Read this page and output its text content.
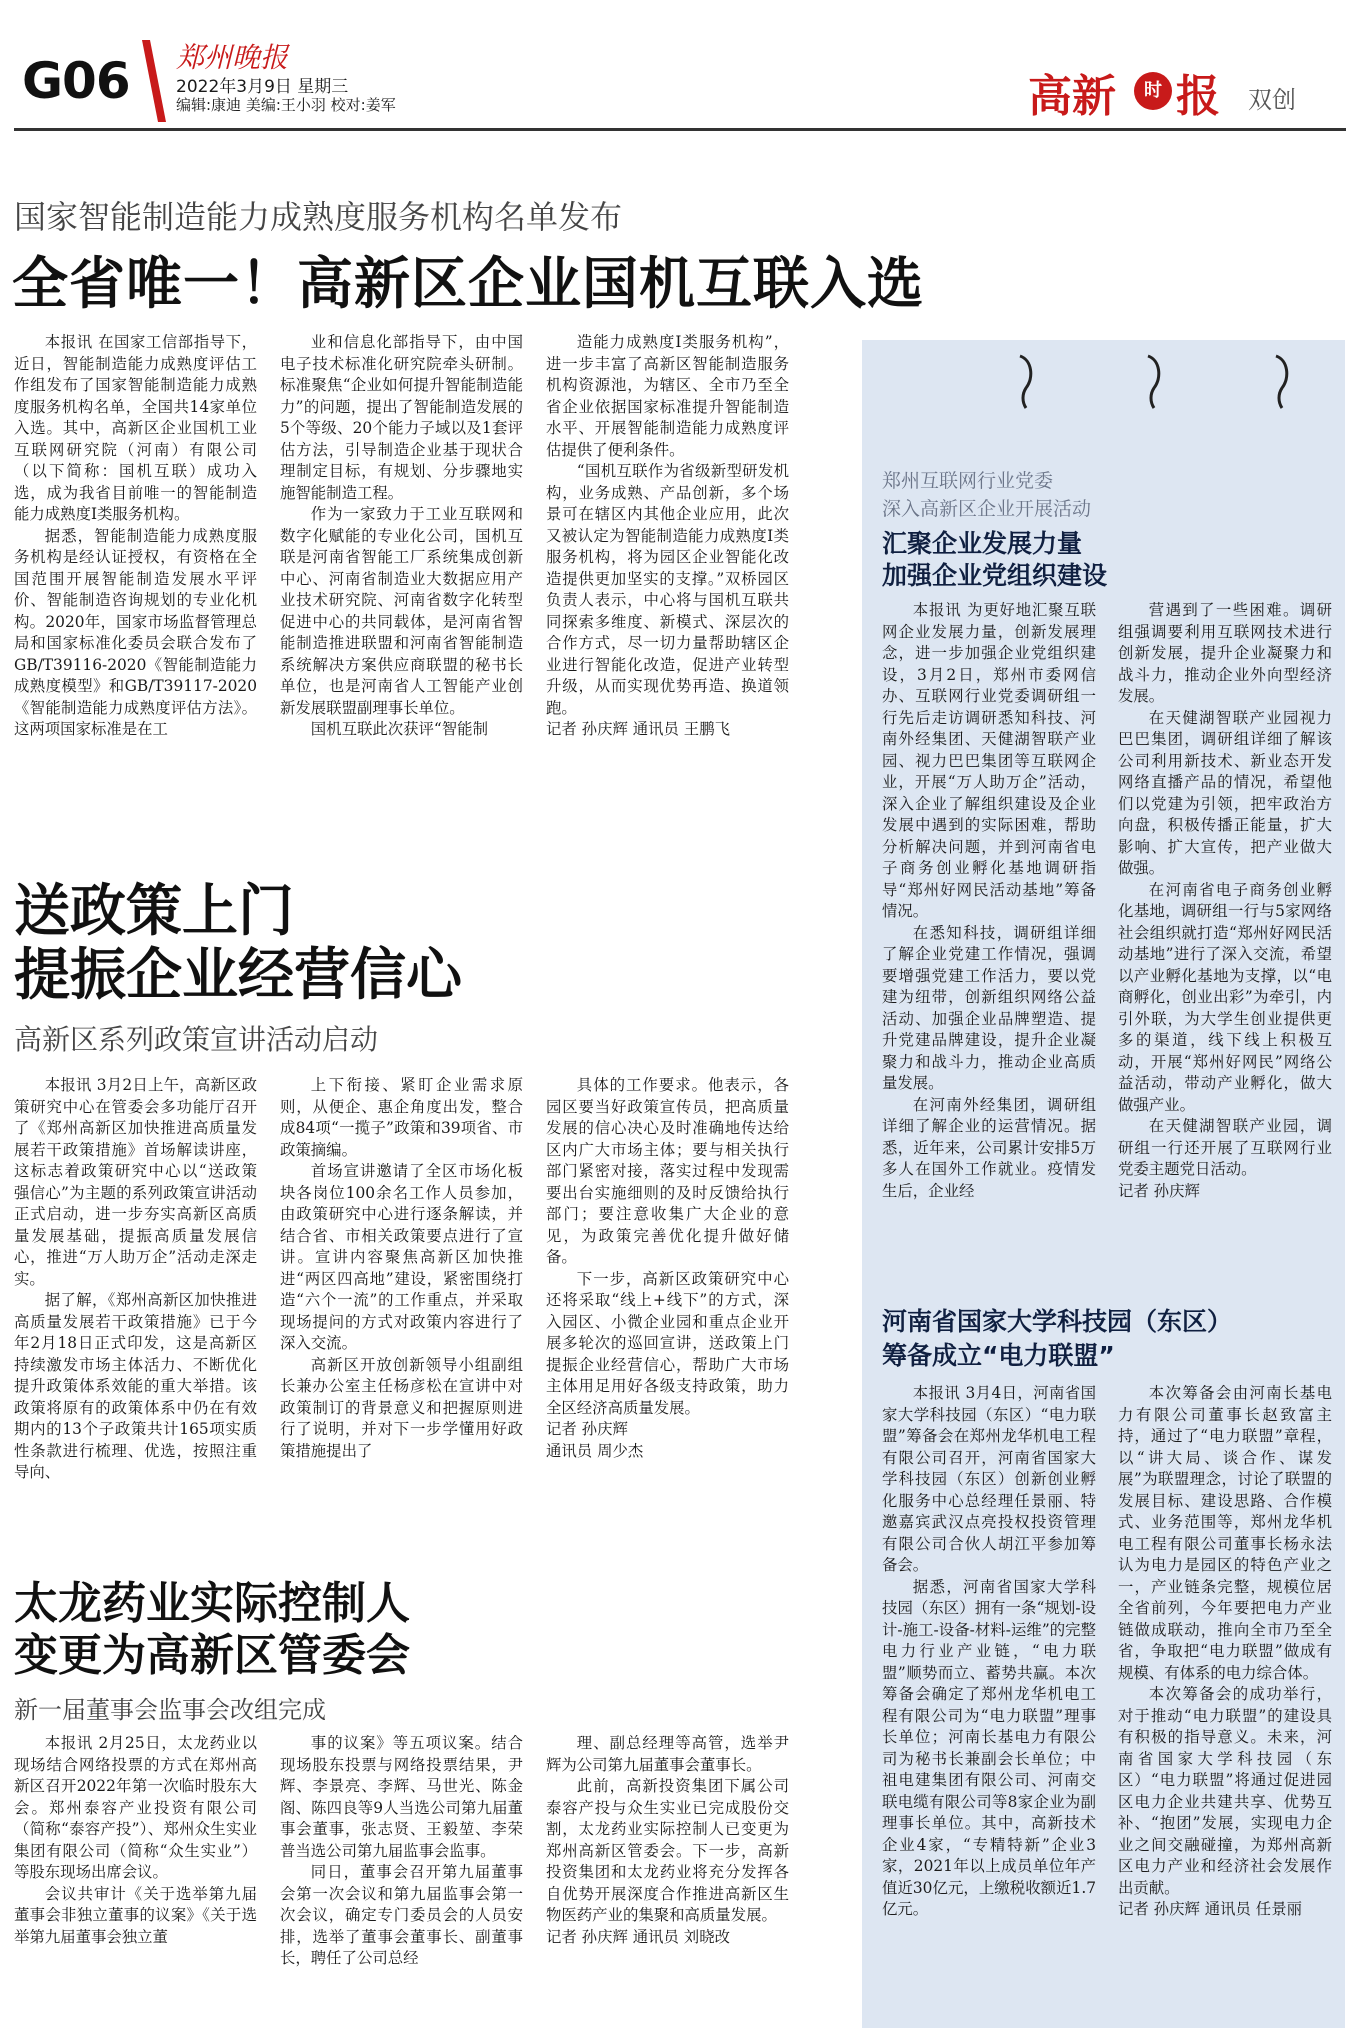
G06 郑州晚报
2022年3月9日 星期三
编辑:康迪 美编:王小羽 校对:姜军	高新	时 报 双创
国家智能制造能力成熟度服务机构名单发布
全省唯一！高新区企业国机互联入选

本报讯 在国家工信部指导下，近日，智能制造能力成熟度评估工作组发布了国家智能制造能力成熟度服务机构名单，全国共14家单位入选。其中，高新区企业国机工业互联网研究院（河南）有限公司（以下简称：国机互联）成功入选，成为我省目前唯一的智能制造能力成熟度Ⅰ类服务机构。

据悉，智能制造能力成熟度服务机构是经认证授权，有资格在全国范围开展智能制造发展水平评价、智能制造咨询规划的专业化机构。2020年，国家市场监督管理总局和国家标准化委员会联合发布了GB/T39116-2020《智能制造能力成熟度模型》和GB/T39117-2020《智能制造能力成熟度评估方法》。这两项国家标准是在工

业和信息化部指导下，由中国电子技术标准化研究院牵头研制。标准聚焦“企业如何提升智能制造能力”的问题，提出了智能制造发展的5个等级、20个能力子域以及1套评估方法，引导制造企业基于现状合理制定目标，有规划、分步骤地实施智能制造工程。

作为一家致力于工业互联网和数字化赋能的专业化公司，国机互联是河南省智能工厂系统集成创新中心、河南省制造业大数据应用产业技术研究院、河南省数字化转型促进中心的共同载体，是河南省智能制造推进联盟和河南省智能制造系统解决方案供应商联盟的秘书长单位，也是河南省人工智能产业创新发展联盟副理事长单位。

国机互联此次获评“智能制

造能力成熟度Ⅰ类服务机构”，进一步丰富了高新区智能制造服务机构资源池，为辖区、全市乃至全省企业依据国家标准提升智能制造水平、开展智能制造能力成熟度评估提供了便利条件。

“国机互联作为省级新型研发机构，业务成熟、产品创新，多个场景可在辖区内其他企业应用，此次又被认定为智能制造能力成熟度Ⅰ类服务机构，将为园区企业智能化改造提供更加坚实的支撑。”双桥园区负责人表示，中心将与国机互联共同探索多维度、新模式、深层次的合作方式，尽一切力量帮助辖区企业进行智能化改造，促进产业转型升级，从而实现优势再造、换道领跑。

记者 孙庆辉 通讯员 王鹏飞

送政策上门
提振企业经营信心
高新区系列政策宣讲活动启动

本报讯 3月2日上午，高新区政策研究中心在管委会多功能厅召开了《郑州高新区加快推进高质量发展若干政策措施》首场解读讲座，这标志着政策研究中心以“送政策 强信心”为主题的系列政策宣讲活动正式启动，进一步夯实高新区高质量发展基础，提振高质量发展信心，推进“万人助万企”活动走深走实。

据了解，《郑州高新区加快推进高质量发展若干政策措施》已于今年2月18日正式印发，这是高新区持续激发市场主体活力、不断优化提升政策体系效能的重大举措。该政策将原有的政策体系中仍在有效期内的13个子政策共计165项实质性条款进行梳理、优选，按照注重导向、

上下衔接、紧盯企业需求原则，从便企、惠企角度出发，整合成84项“一揽子”政策和39项省、市政策摘编。

首场宣讲邀请了全区市场化板块各岗位100余名工作人员参加，由政策研究中心进行逐条解读，并结合省、市相关政策要点进行了宣讲。宣讲内容聚焦高新区加快推进“两区四高地”建设，紧密围绕打造“六个一流”的工作重点，并采取现场提问的方式对政策内容进行了深入交流。

高新区开放创新领导小组副组长兼办公室主任杨彦松在宣讲中对政策制订的背景意义和把握原则进行了说明，并对下一步学懂用好政策措施提出了

具体的工作要求。他表示，各园区要当好政策宣传员，把高质量发展的信心决心及时准确地传达给区内广大市场主体；要与相关执行部门紧密对接，落实过程中发现需要出台实施细则的及时反馈给执行部门；要注意收集广大企业的意见，为政策完善优化提升做好储备。

下一步，高新区政策研究中心还将采取“线上+线下”的方式，深入园区、小微企业园和重点企业开展多轮次的巡回宣讲，送政策上门提振企业经营信心，帮助广大市场主体用足用好各级支持政策，助力全区经济高质量发展。

记者 孙庆辉

通讯员 周少杰

太龙药业实际控制人
变更为高新区管委会
新一届董事会监事会改组完成

本报讯 2月25日，太龙药业以现场结合网络投票的方式在郑州高新区召开2022年第一次临时股东大会。郑州泰容产业投资有限公司（简称“泰容产投”）、郑州众生实业集团有限公司（简称“众生实业”）等股东现场出席会议。

会议共审计《关于选举第九届董事会非独立董事的议案》《关于选举第九届董事会独立董

事的议案》等五项议案。结合现场股东投票与网络投票结果，尹辉、李景亮、李辉、马世光、陈金阁、陈四良等9人当选公司第九届董事会董事，张志贤、王毅堃、李荣普当选公司第九届监事会监事。

同日，董事会召开第九届董事会第一次会议和第九届监事会第一次会议，确定专门委员会的人员安排，选举了董事会董事长、副董事长，聘任了公司总经

理、副总经理等高管，选举尹辉为公司第九届董事会董事长。

此前，高新投资集团下属公司泰容产投与众生实业已完成股份交割，太龙药业实际控制人已变更为郑州高新区管委会。下一步，高新投资集团和太龙药业将充分发挥各自优势开展深度合作推进高新区生物医药产业的集聚和高质量发展。

记者 孙庆辉 通讯员 刘晓改

郑州互联网行业党委
深入高新区企业开展活动
汇聚企业发展力量
加强企业党组织建设

本报讯 为更好地汇聚互联网企业发展力量，创新发展理念，进一步加强企业党组织建设，3月2日，郑州市委网信办、互联网行业党委调研组一行先后走访调研悉知科技、河南外经集团、天健湖智联产业园、视力巴巴集团等互联网企业，开展“万人助万企”活动，深入企业了解组织建设及企业发展中遇到的实际困难，帮助分析解决问题，并到河南省电子商务创业孵化基地调研指导“郑州好网民活动基地”筹备情况。

在悉知科技，调研组详细了解企业党建工作情况，强调要增强党建工作活力，要以党建为纽带，创新组织网络公益活动、加强企业品牌塑造、提升党建品牌建设，提升企业凝聚力和战斗力，推动企业高质量发展。

在河南外经集团，调研组详细了解企业的运营情况。据悉，近年来，公司累计安排5万多人在国外工作就业。疫情发生后，企业经

营遇到了一些困难。调研组强调要利用互联网技术进行创新发展，提升企业凝聚力和战斗力，推动企业外向型经济发展。

在天健湖智联产业园视力巴巴集团，调研组详细了解该公司利用新技术、新业态开发网络直播产品的情况，希望他们以党建为引领，把牢政治方向盘，积极传播正能量，扩大影响、扩大宣传，把产业做大做强。

在河南省电子商务创业孵化基地，调研组一行与5家网络社会组织就打造“郑州好网民活动基地”进行了深入交流，希望以产业孵化基地为支撑，以“电商孵化，创业出彩”为牵引，内引外联，为大学生创业提供更多的渠道，线下线上积极互动，开展“郑州好网民”网络公益活动，带动产业孵化，做大做强产业。

在天健湖智联产业园，调研组一行还开展了互联网行业党委主题党日活动。

记者 孙庆辉

河南省国家大学科技园（东区）
筹备成立“电力联盟”

本报讯 3月4日，河南省国家大学科技园（东区）“电力联盟”筹备会在郑州龙华机电工程有限公司召开，河南省国家大学科技园（东区）创新创业孵化服务中心总经理任景丽、特邀嘉宾武汉点亮投权投资管理有限公司合伙人胡江平参加筹备会。

据悉，河南省国家大学科技园（东区）拥有一条“规划-设计-施工-设备-材料-运维”的完整电力行业产业链，“电力联盟”顺势而立、蓄势共赢。本次筹备会确定了郑州龙华机电工程有限公司为“电力联盟”理事长单位；河南长基电力有限公司为秘书长兼副会长单位；中祖电建集团有限公司、河南交联电缆有限公司等8家企业为副理事长单位。其中，高新技术企业4家，“专精特新”企业3家，2021年以上成员单位年产值近30亿元，上缴税收额近1.7亿元。

本次筹备会由河南长基电力有限公司董事长赵致富主持，通过了“电力联盟”章程，以“讲大局、谈合作、谋发展”为联盟理念，讨论了联盟的发展目标、建设思路、合作模式、业务范围等，郑州龙华机电工程有限公司董事长杨永法认为电力是园区的特色产业之一，产业链条完整，规模位居全省前列，今年要把电力产业链做成联动，推向全市乃至全省，争取把“电力联盟”做成有规模、有体系的电力综合体。

本次筹备会的成功举行，对于推动“电力联盟”的建设具有积极的指导意义。未来，河南省国家大学科技园（东区）“电力联盟”将通过促进园区电力企业共建共享、优势互补、“抱团”发展，实现电力企业之间交融碰撞，为郑州高新区电力产业和经济社会发展作出贡献。

记者 孙庆辉 通讯员 任景丽
